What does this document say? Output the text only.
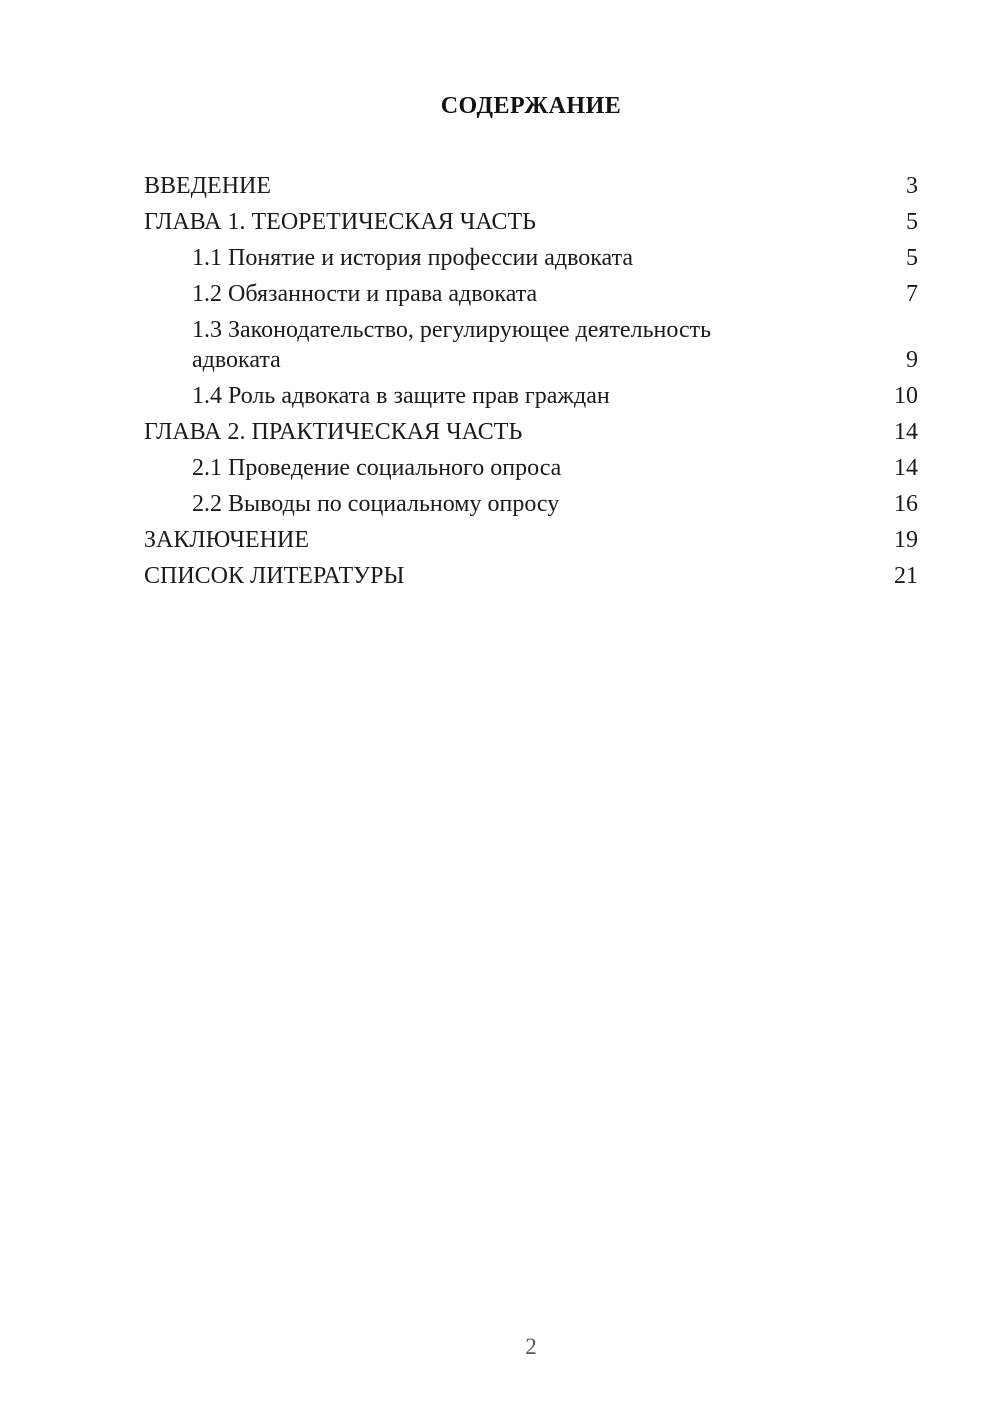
СОДЕРЖАНИЕ
ВВЕДЕНИЕ	3
ГЛАВА 1. ТЕОРЕТИЧЕСКАЯ ЧАСТЬ	5
1.1 Понятие и история профессии адвоката	5
1.2 Обязанности и права адвоката	7
1.3 Законодательство, регулирующее деятельность адвоката	9
1.4 Роль адвоката в защите прав граждан	10
ГЛАВА 2. ПРАКТИЧЕСКАЯ ЧАСТЬ	14
2.1 Проведение социального опроса	14
2.2 Выводы по социальному опросу	16
ЗАКЛЮЧЕНИЕ	19
СПИСОК ЛИТЕРАТУРЫ	21
2
